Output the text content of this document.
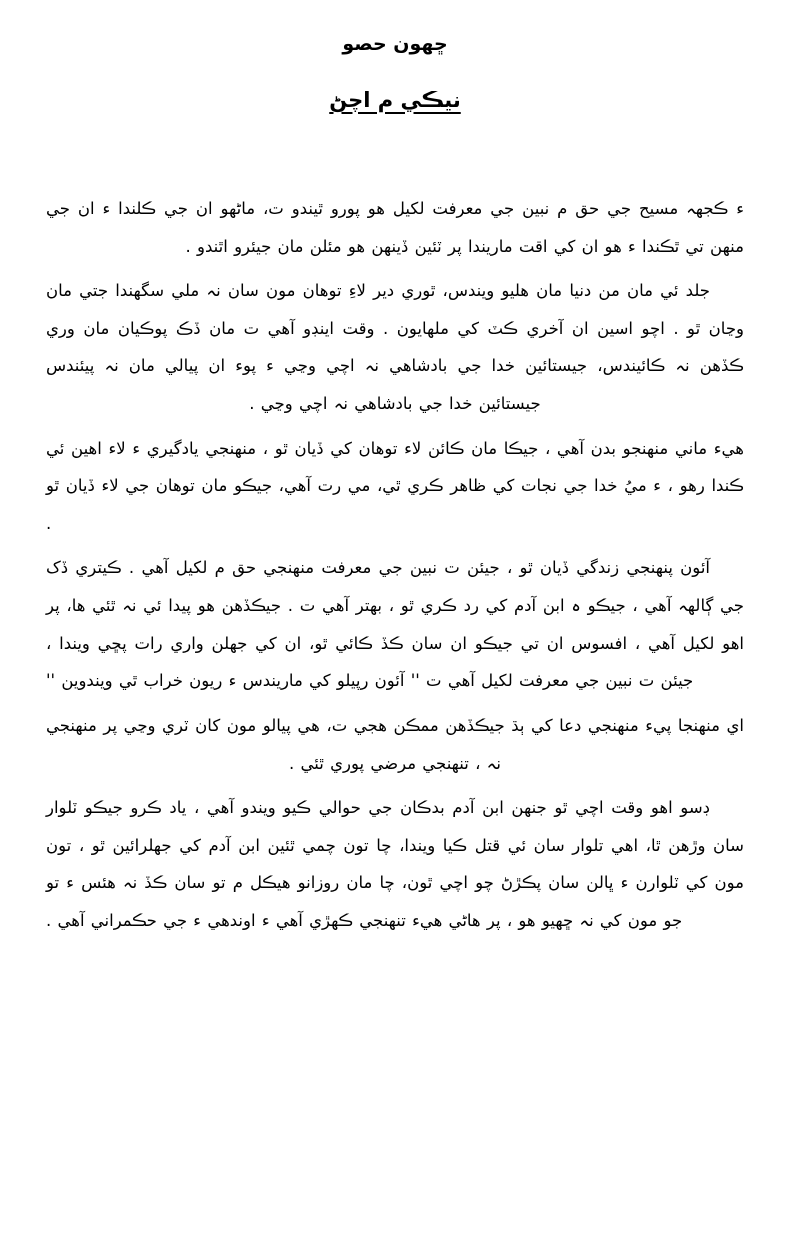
ڇهون حصو
نيڪي م اچڻ

ء ڪجهہ مسيح جي حق م نبين جي معرفت لکيل هو پورو ٿيندو ت، ماڻهو ان جي ڪلندا ء ان جي منهن تي ٿڪندا ء هو ان کي اقت ماريندا پر ٽئين ڏينهن هو مئلن مان جيئرو اٿندو .

جلد ئي مان من دنيا مان هليو ويندس، ٿوري دير لاءِ توهان مون سان نہ ملي سگهندا جتي مان وڃان ٿو . اچو اسين ان آخري ڪٽ کي ملهايون . وقت اينڊو آهي ت مان ڏڪ پوڪيان مان وري ڪڏهن نہ ڪائيندس، جيستائين خدا جي بادشاهي نہ اچي وڃي ء پوء ان پيالي مان نہ پيئندس جيستائين خدا جي بادشاهي نہ اچي وڃي .

هيء ماني منهنجو بدن آهي ، جيڪا مان ڪائن لاء توهان کي ڏيان ٿو ، منهنجي يادگيري ء لاء اهين ئي ڪندا رهو ، ء ميُ خدا جي نجات کي ظاهر ڪري ٿي، مي رت آهي، جيڪو مان توهان جي لاء ڏيان ٿو .

آئون پنهنجي زندگي ڏيان ٿو ، جيئن ت نبين جي معرفت منهنجي حق م لکيل آهي . ڪيتري ڏک جي ڳالهہ آهي ، جيڪو ہ ابن آدم کي رد ڪري ٿو ، بهتر آهي ت . جيڪڏهن هو پيدا ئي نہ ٿئي ها، پر اهو لکيل آهي ، افسوس ان تي جيڪو ان سان ڪڏ ڪائي ٿو، ان کي جهلن واري رات پڇي ويندا ، جيئن ت نبين جي معرفت لکيل آهي ت '' آئون رپيلو کي ماريندس ء ريون خراب ٿي ويندوين ''

اي منهنجا پيء منهنجي دعا کي ٻڌ جيڪڏهن ممڪن هجي ت، هي پيالو مون کان ٽري وڃي پر منهنجي نہ ، تنهنجي مرضي پوري ٿئي .

ڊسو اهو وقت اچي ٿو جنهن ابن آدم بدڪان جي حوالي ڪيو ويندو آهي ، ياد ڪرو جيڪو ٽلوار سان وڙهن ٿا، اهي تلوار سان ئي قتل ڪيا ويندا، چا تون چمي ٿئين ابن آدم کي جهلرائين ٿو ، تون مون کي ٽلوارن ء ڀالن سان پڪڙڻ چو اچي ٿون، چا مان روزانو هيڪل م تو سان ڪڏ نہ هئس ء تو جو مون کي نہ ڇهيو هو ، پر هاڻي هيء تنهنجي ڪهڙي آهي ء اوندهي ء جي حڪمراني آهي .
